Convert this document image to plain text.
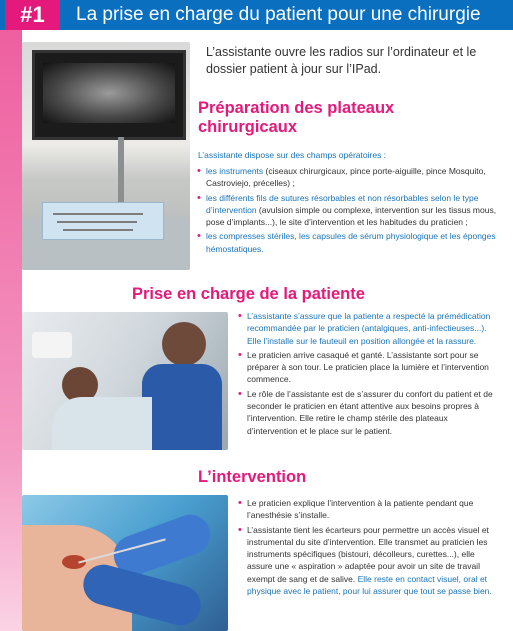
#1	La prise en charge du patient pour une chirurgie
L’assistante ouvre les radios sur l’ordinateur et le dossier patient à jour sur l’IPad.
Préparation des plateaux chirurgicaux
L’assistante dispose sur des champs opératoires :
• les instruments (ciseaux chirurgicaux, pince porte-aiguille, pince Mosquito, Castroviejo, précelles) ;
• les différents fils de sutures résorbables et non résorbables selon le type d’intervention (avulsion simple ou complexe, intervention sur les tissus mous, pose d’implants...), le site d’intervention et les habitudes du praticien ;
• les compresses stériles, les capsules de sérum physiologique et les éponges hémostatiques.
Prise en charge de la patiente
• L’assistante s’assure que la patiente a respecté la prémédication recommandée par le praticien (antalgiques, anti-infectieuses...). Elle l’installe sur le fauteuil en position allongée et la rassure.
• Le praticien arrive casaqué et ganté. L’assistante sort pour se préparer à son tour. Le praticien place la lumière et l’intervention commence.
• Le rôle de l’assistante est de s’assurer du confort du patient et de seconder le praticien en étant attentive aux besoins propres à l’intervention. Elle retire le champ stérile des plateaux d’intervention et le place sur le patient.
L’intervention
• Le praticien explique l’intervention à la patiente pendant que l’anesthésie s’installe.
• L’assistante tient les écarteurs pour permettre un accès visuel et instrumental du site d’intervention. Elle transmet au praticien les instruments spécifiques (bistouri, décolleurs, curettes...), elle assure une « aspiration » adaptée pour avoir un site de travail exempt de sang et de salive. Elle reste en contact visuel, oral et physique avec le patient, pour lui assurer que tout se passe bien.
